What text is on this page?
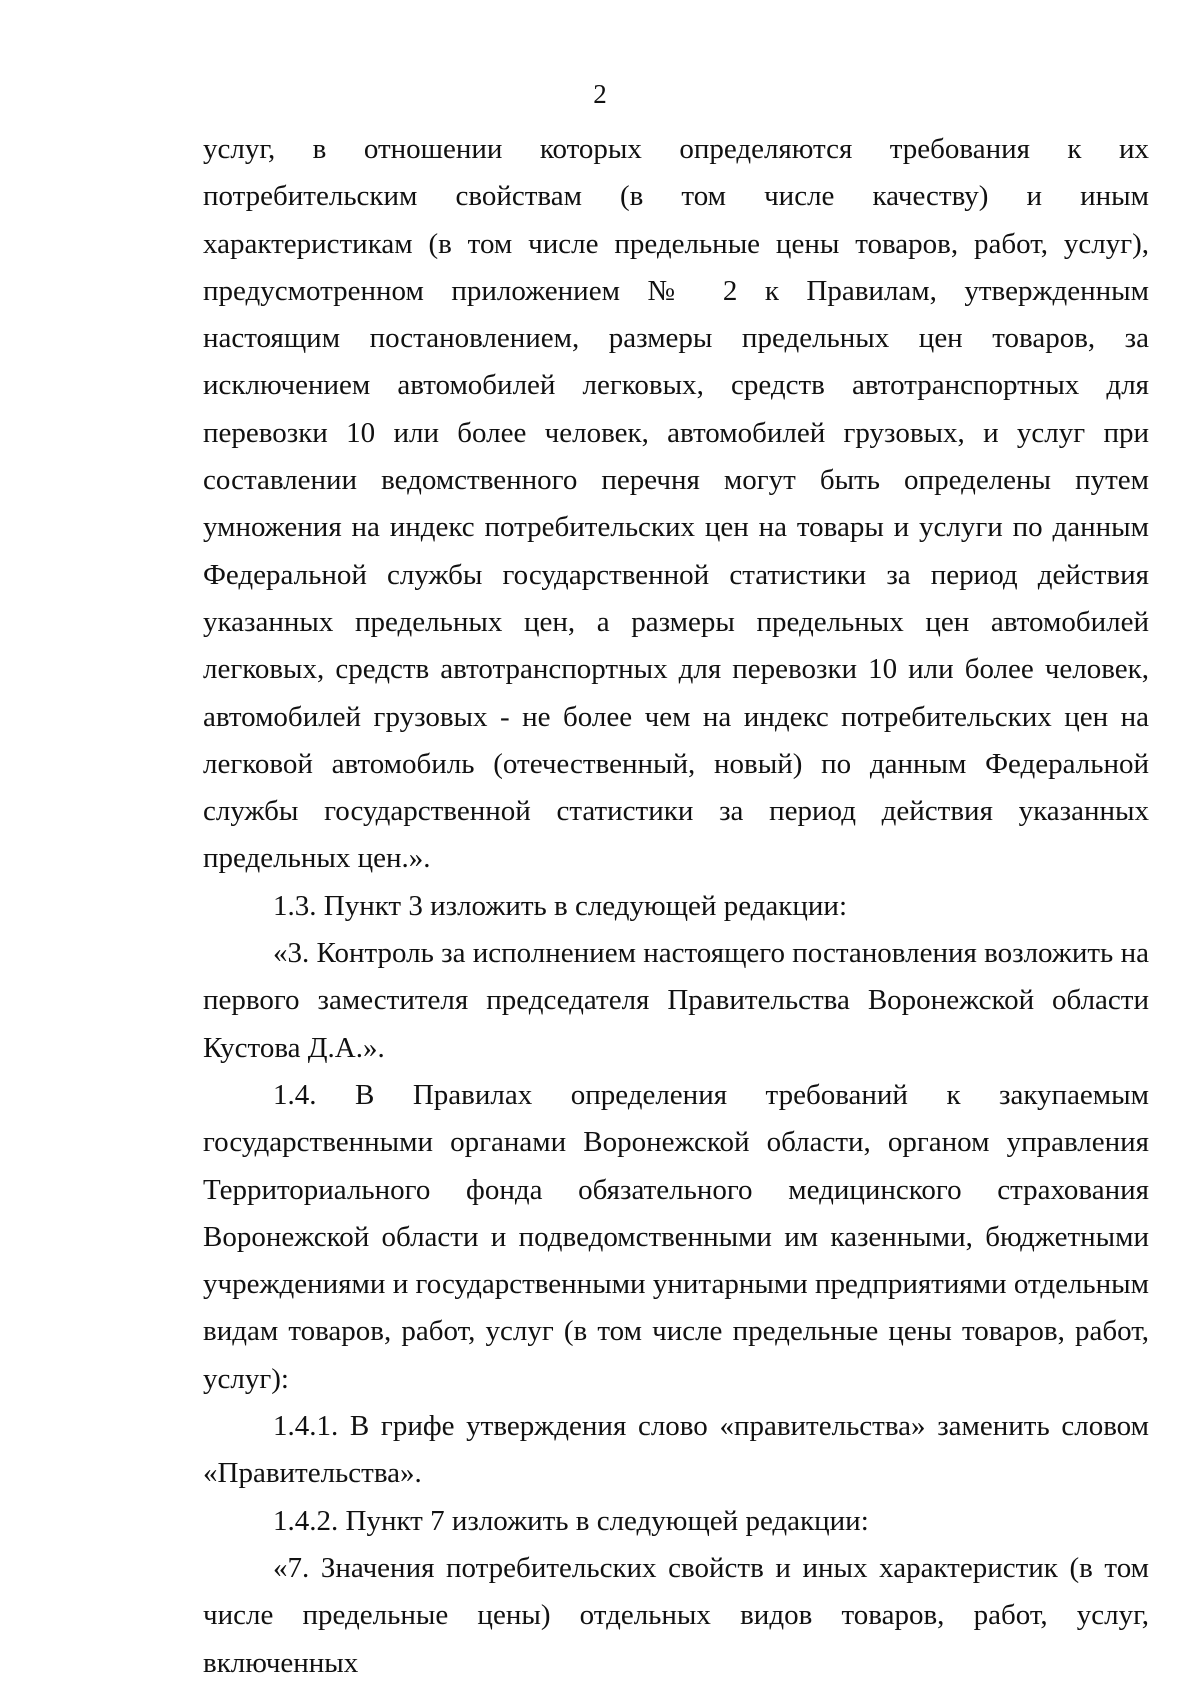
2

услуг, в отношении которых определяются требования к их потребительским свойствам (в том числе качеству) и иным характеристикам (в том числе предельные цены товаров, работ, услуг), предусмотренном приложением № 2 к Правилам, утвержденным настоящим постановлением, размеры предельных цен товаров, за исключением автомобилей легковых, средств автотранспортных для перевозки 10 или более человек, автомобилей грузовых, и услуг при составлении ведомственного перечня могут быть определены путем умножения на индекс потребительских цен на товары и услуги по данным Федеральной службы государственной статистики за период действия указанных предельных цен, а размеры предельных цен автомобилей легковых, средств автотранспортных для перевозки 10 или более человек, автомобилей грузовых - не более чем на индекс потребительских цен на легковой автомобиль (отечественный, новый) по данным Федеральной службы государственной статистики за период действия указанных предельных цен.».

1.3. Пункт 3 изложить в следующей редакции:

«3. Контроль за исполнением настоящего постановления возложить на первого заместителя председателя Правительства Воронежской области Кустова Д.А.».

1.4. В Правилах определения требований к закупаемым государственными органами Воронежской области, органом управления Территориального фонда обязательного медицинского страхования Воронежской области и подведомственными им казенными, бюджетными учреждениями и государственными унитарными предприятиями отдельным видам товаров, работ, услуг (в том числе предельные цены товаров, работ, услуг):

1.4.1. В грифе утверждения слово «правительства» заменить словом «Правительства».

1.4.2. Пункт 7 изложить в следующей редакции:

«7. Значения потребительских свойств и иных характеристик (в том числе предельные цены) отдельных видов товаров, работ, услуг, включенных
